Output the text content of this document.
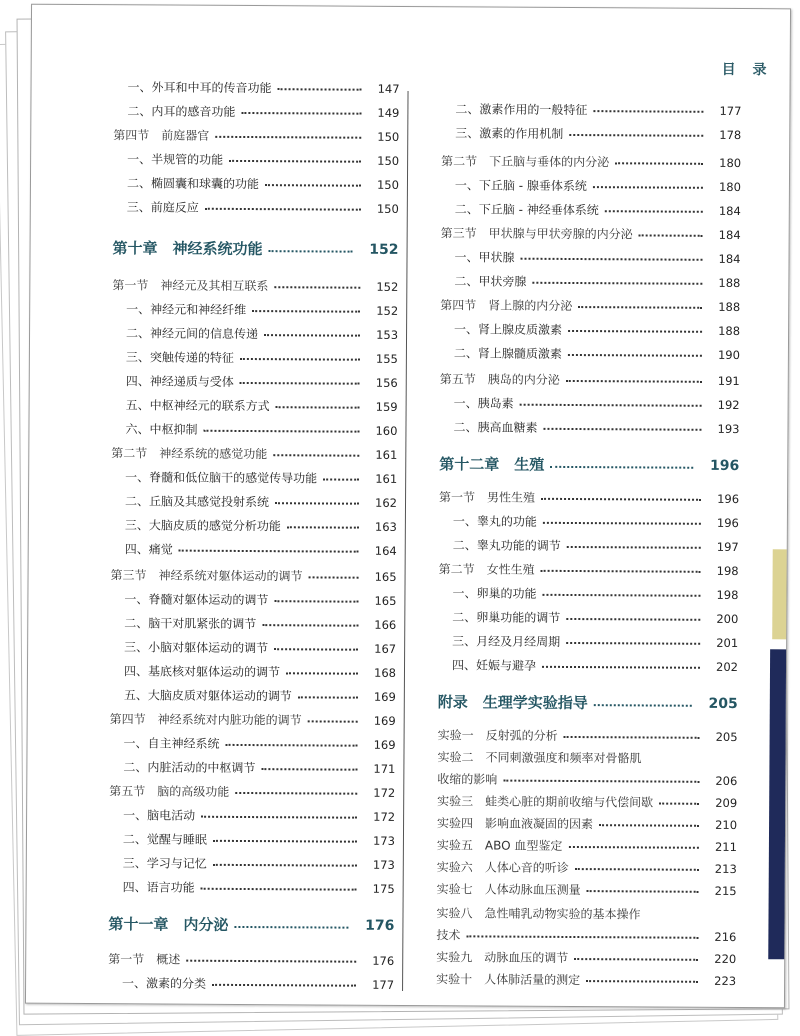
目 录
一、外耳和中耳的传音功能	147
二、内耳的感音功能	149
第四节　前庭器官	150
一、半规管的功能	150
二、椭圆囊和球囊的功能	150
三、前庭反应	150
第十章　神经系统功能	152
第一节　神经元及其相互联系	152
一、神经元和神经纤维	152
二、神经元间的信息传递	153
三、突触传递的特征	155
四、神经递质与受体	156
五、中枢神经元的联系方式	159
六、中枢抑制	160
第二节　神经系统的感觉功能	161
一、脊髓和低位脑干的感觉传导功能	161
二、丘脑及其感觉投射系统	162
三、大脑皮质的感觉分析功能	163
四、痛觉	164
第三节　神经系统对躯体运动的调节	165
一、脊髓对躯体运动的调节	165
二、脑干对肌紧张的调节	166
三、小脑对躯体运动的调节	167
四、基底核对躯体运动的调节	168
五、大脑皮质对躯体运动的调节	169
第四节　神经系统对内脏功能的调节	169
一、自主神经系统	169
二、内脏活动的中枢调节	171
第五节　脑的高级功能	172
一、脑电活动	172
二、觉醒与睡眠	173
三、学习与记忆	173
四、语言功能	175
第十一章　内分泌	176
第一节　概述	176
一、激素的分类	177
二、激素作用的一般特征	177
三、激素的作用机制	178
第二节　下丘脑与垂体的内分泌	180
一、下丘脑 - 腺垂体系统	180
二、下丘脑 - 神经垂体系统	184
第三节　甲状腺与甲状旁腺的内分泌	184
一、甲状腺	184
二、甲状旁腺	188
第四节　肾上腺的内分泌	188
一、肾上腺皮质激素	188
二、肾上腺髓质激素	190
第五节　胰岛的内分泌	191
一、胰岛素	192
二、胰高血糖素	193
第十二章　生殖	196
第一节　男性生殖	196
一、睾丸的功能	196
二、睾丸功能的调节	197
第二节　女性生殖	198
一、卵巢的功能	198
二、卵巢功能的调节	200
三、月经及月经周期	201
四、妊娠与避孕	202
附录　生理学实验指导	205
实验一　反射弧的分析	205
实验二　不同刺激强度和频率对骨骼肌
收缩的影响	206
实验三　蛙类心脏的期前收缩与代偿间歇	209
实验四　影响血液凝固的因素	210
实验五　ABO 血型鉴定	211
实验六　人体心音的听诊	213
实验七　人体动脉血压测量	215
实验八　急性哺乳动物实验的基本操作
技术	216
实验九　动脉血压的调节	220
实验十　人体肺活量的测定	223
